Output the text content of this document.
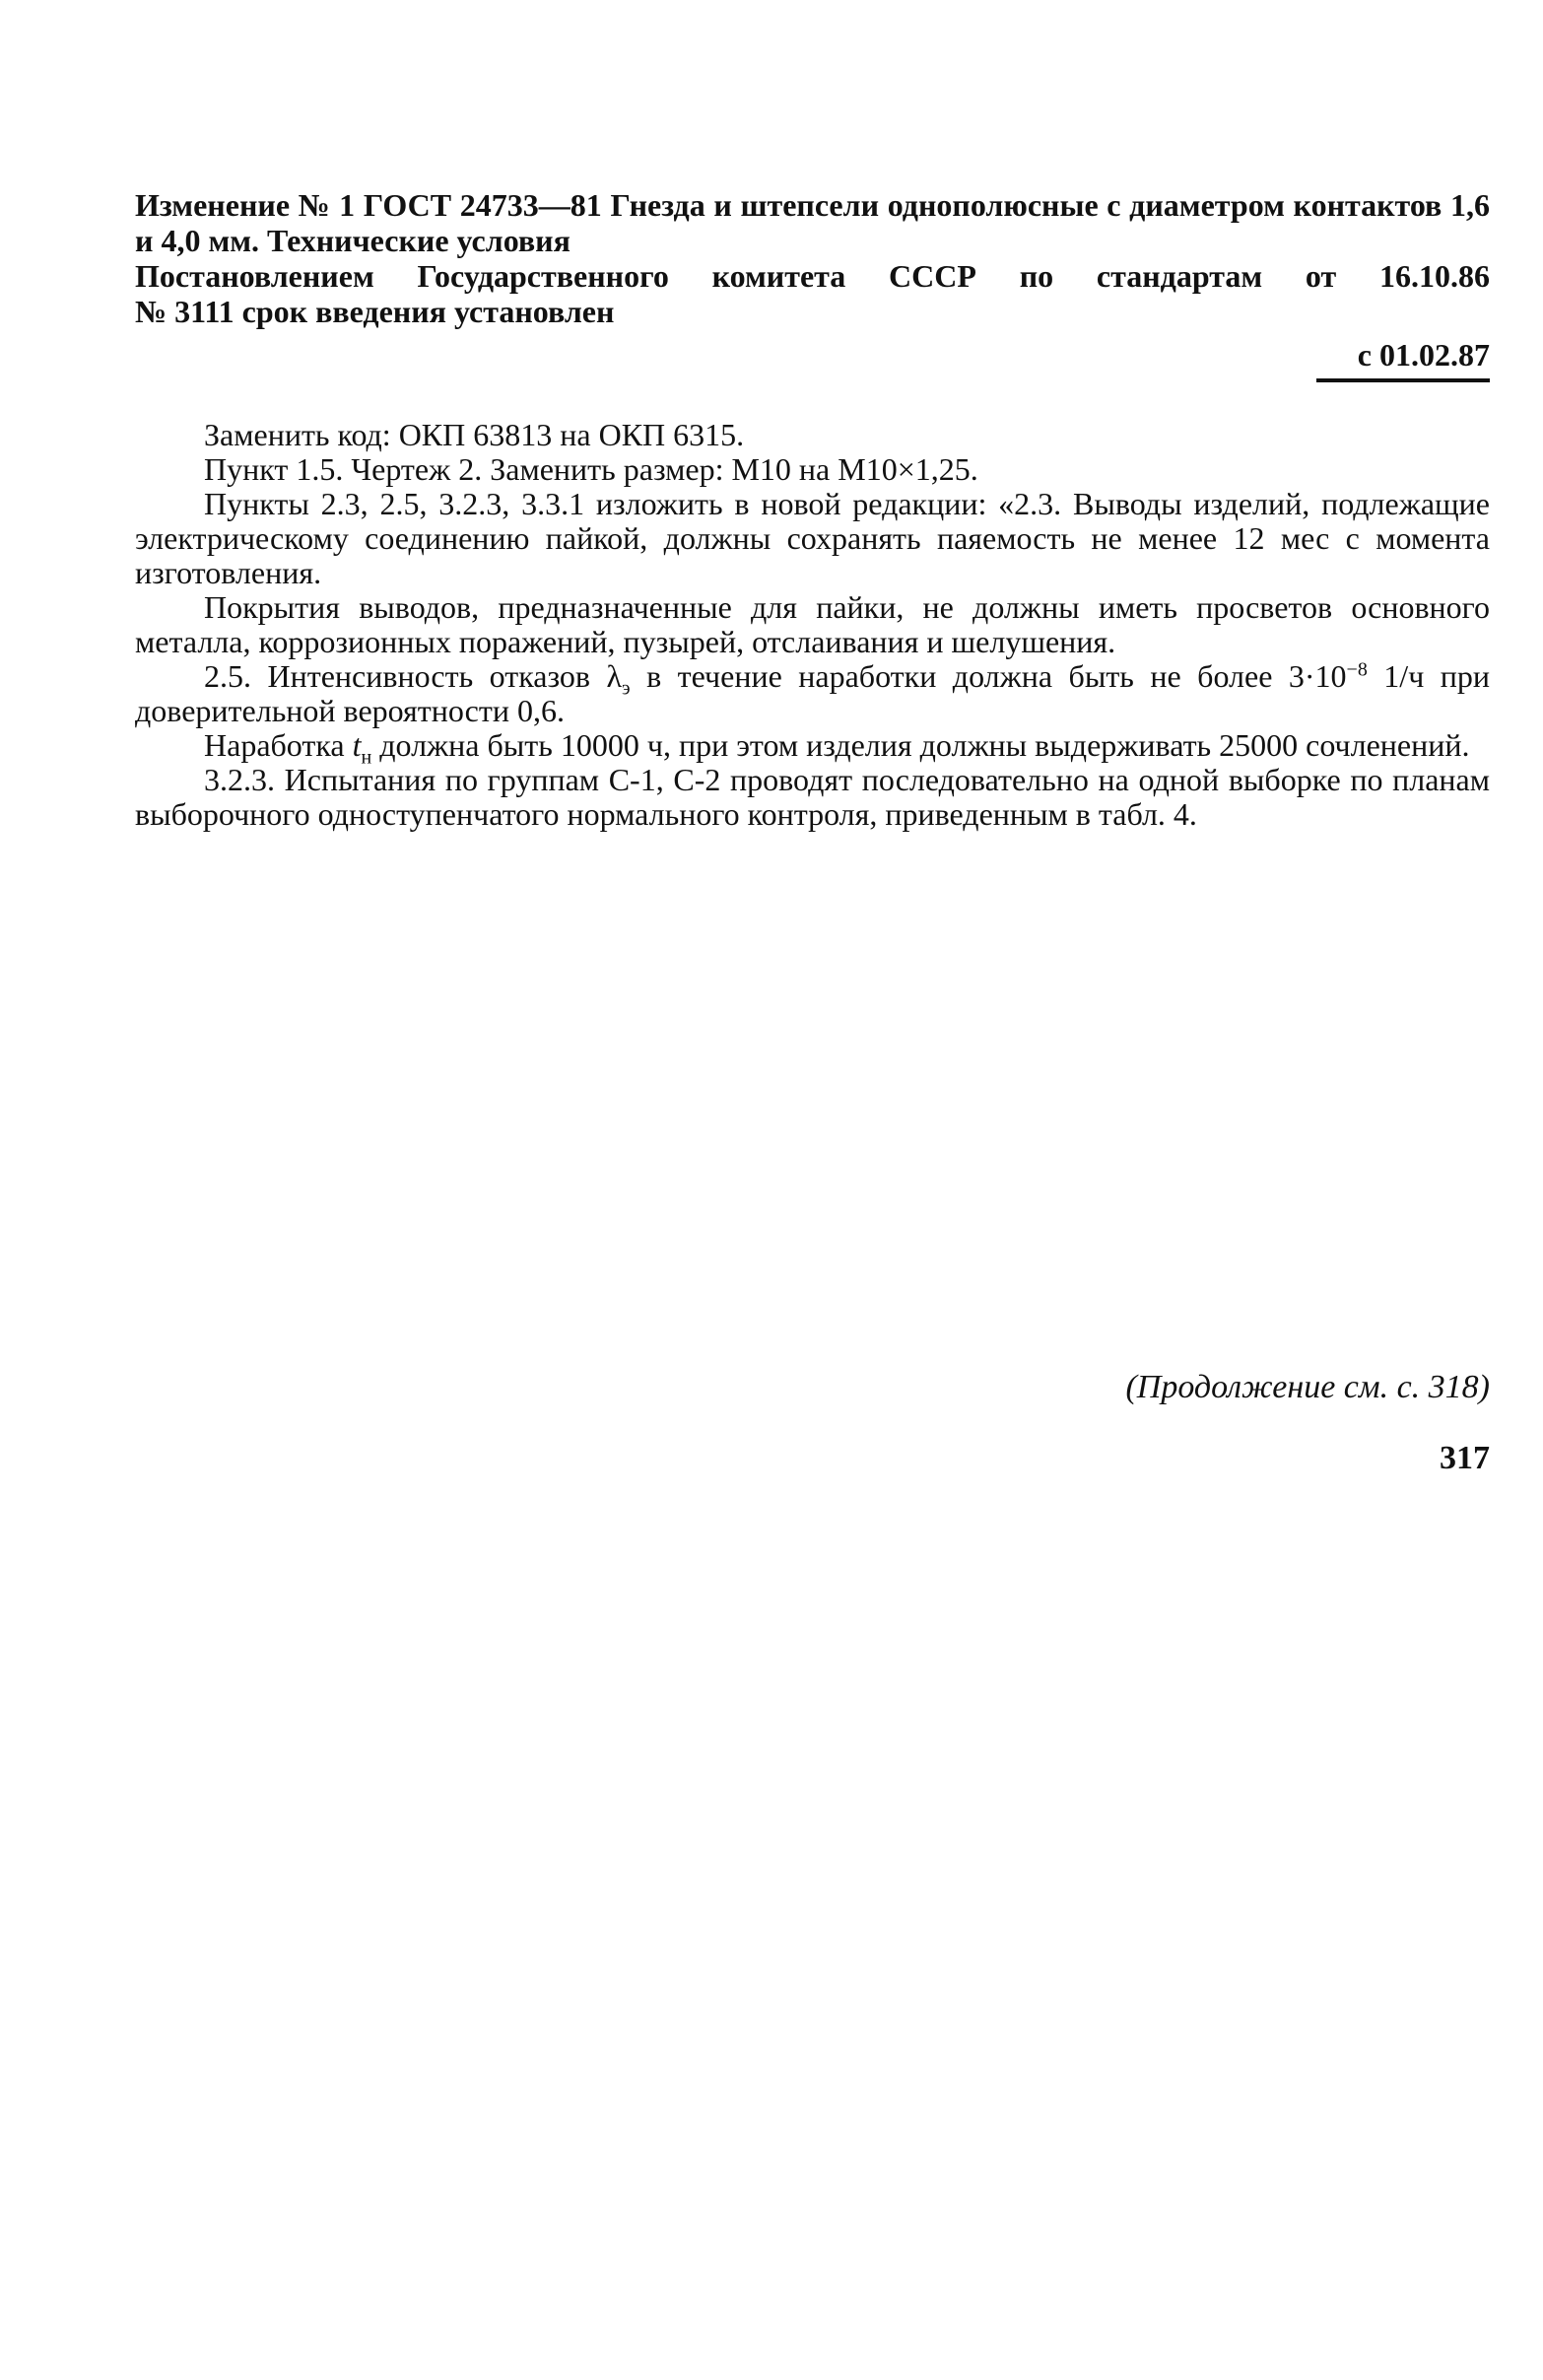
Изменение № 1 ГОСТ 24733—81 Гнезда и штепсели однополюсные с диаметром контактов 1,6 и 4,0 мм. Технические условия

Постановлением Государственного комитета СССР по стандартам от 16.10.86

№ 3111 срок введения установлен

с 01.02.87

Заменить код: ОКП 63813 на ОКП 6315.

Пункт 1.5. Чертеж 2. Заменить размер: М10 на М10×1,25.

Пункты 2.3, 2.5, 3.2.3, 3.3.1 изложить в новой редакции: «2.3. Выводы изделий, подлежащие электрическому соединению пайкой, должны сохранять паяемость не менее 12 мес с момента изготовления.

Покрытия выводов, предназначенные для пайки, не должны иметь просветов основного металла, коррозионных поражений, пузырей, отслаивания и шелушения.

2.5. Интенсивность отказов $\lambda_э$ в течение наработки должна быть не более $3\cdot 10^{-8}$ 1/ч при доверительной вероятности 0,6.

Наработка $t_н$ должна быть 10000 ч, при этом изделия должны выдерживать 25000 сочленений.

3.2.3. Испытания по группам С-1, С-2 проводят последовательно на одной выборке по планам выборочного одноступенчатого нормального контроля, приведенным в табл. 4.

(Продолжение см. с. 318)
317
